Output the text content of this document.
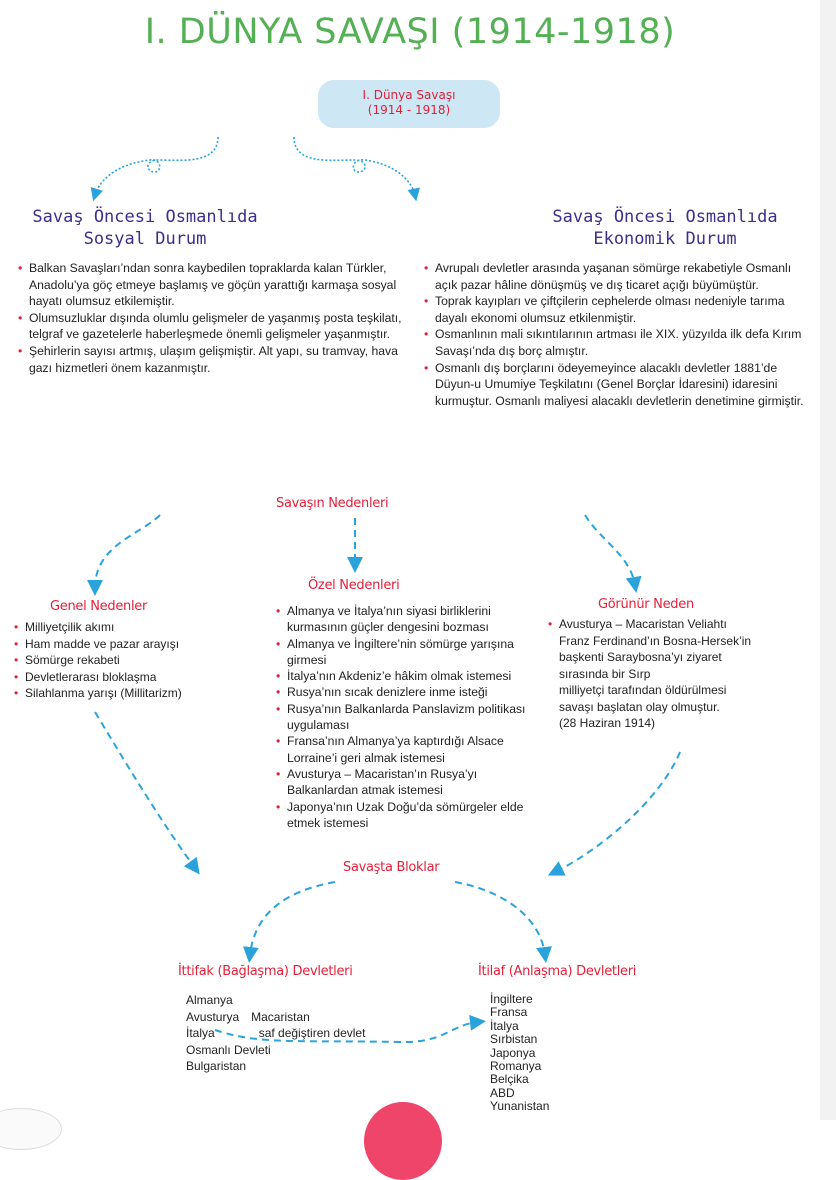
I. DÜNYA SAVAŞI (1914-1918)
I. Dünya Savaşı
(1914 - 1918)
Savaş Öncesi Osmanlıda
Sosyal Durum
Savaş Öncesi Osmanlıda
Ekonomik Durum
• Balkan Savaşları’ndan sonra kaybedilen topraklarda kalan Türkler, Anadolu’ya göç etmeye başlamış ve göçün yarattığı karmaşa sosyal hayatı olumsuz etkilemiştir.
• Olumsuzluklar dışında olumlu gelişmeler de yaşanmış posta teşkilatı, telgraf ve gazetelerle haberleşmede önemli gelişmeler yaşanmıştır.
• Şehirlerin sayısı artmış, ulaşım gelişmiştir. Alt yapı, su tramvay, hava gazı hizmetleri önem kazanmıştır.
• Avrupalı devletler arasında yaşanan sömürge rekabetiyle Osmanlı açık pazar hâline dönüşmüş ve dış ticaret açığı büyümüştür.
• Toprak kayıpları ve çiftçilerin cephelerde olması nedeniyle tarıma dayalı ekonomi olumsuz etkilenmiştir.
• Osmanlının mali sıkıntılarının artması ile XIX. yüzyılda ilk defa Kırım Savaşı’nda dış borç almıştır.
• Osmanlı dış borçlarını ödeyemeyince alacaklı devletler 1881’de Düyun-u Umumiye Teşkilatını (Genel Borçlar İdaresini) idaresini kurmuştur. Osmanlı maliyesi alacaklı devletlerin denetimine girmiştir.
Savaşın Nedenleri
Genel Nedenler
• Milliyetçilik akımı
• Ham madde ve pazar arayışı
• Sömürge rekabeti
• Devletlerarası bloklaşma
• Silahlanma yarışı (Millitarizm)
Özel Nedenleri
• Almanya ve İtalya’nın siyasi birliklerini kurmasının güçler dengesini bozması
• Almanya ve İngiltere’nin sömürge yarışına girmesi
• İtalya’nın Akdeniz’e hâkim olmak istemesi
• Rusya’nın sıcak denizlere inme isteği
• Rusya’nın Balkanlarda Panslavizm politikası uygulaması
• Fransa’nın Almanya’ya kaptırdığı Alsace Lorraine’i geri almak istemesi
• Avusturya – Macaristan’ın Rusya’yı Balkanlardan atmak istemesi
• Japonya’nın Uzak Doğu’da sömürgeler elde etmek istemesi
Görünür Neden
• Avusturya – Macaristan Veliahtı
Franz Ferdinand’ın Bosna-Hersek’in
başkenti Saraybosna’yı ziyaret
sırasında bir Sırp
milliyetçi tarafından öldürülmesi
savaşı başlatan olay olmuştur.
(28 Haziran 1914)
Savaşta Bloklar
İttifak (Bağlaşma) Devletleri
Almanya
Avusturya Macaristan
İtalya	saf değiştiren devlet
Osmanlı Devleti
Bulgaristan
İtilaf (Anlaşma) Devletleri
İngiltere
Fransa
İtalya
Sırbistan
Japonya
Romanya
Belçika
ABD
Yunanistan
